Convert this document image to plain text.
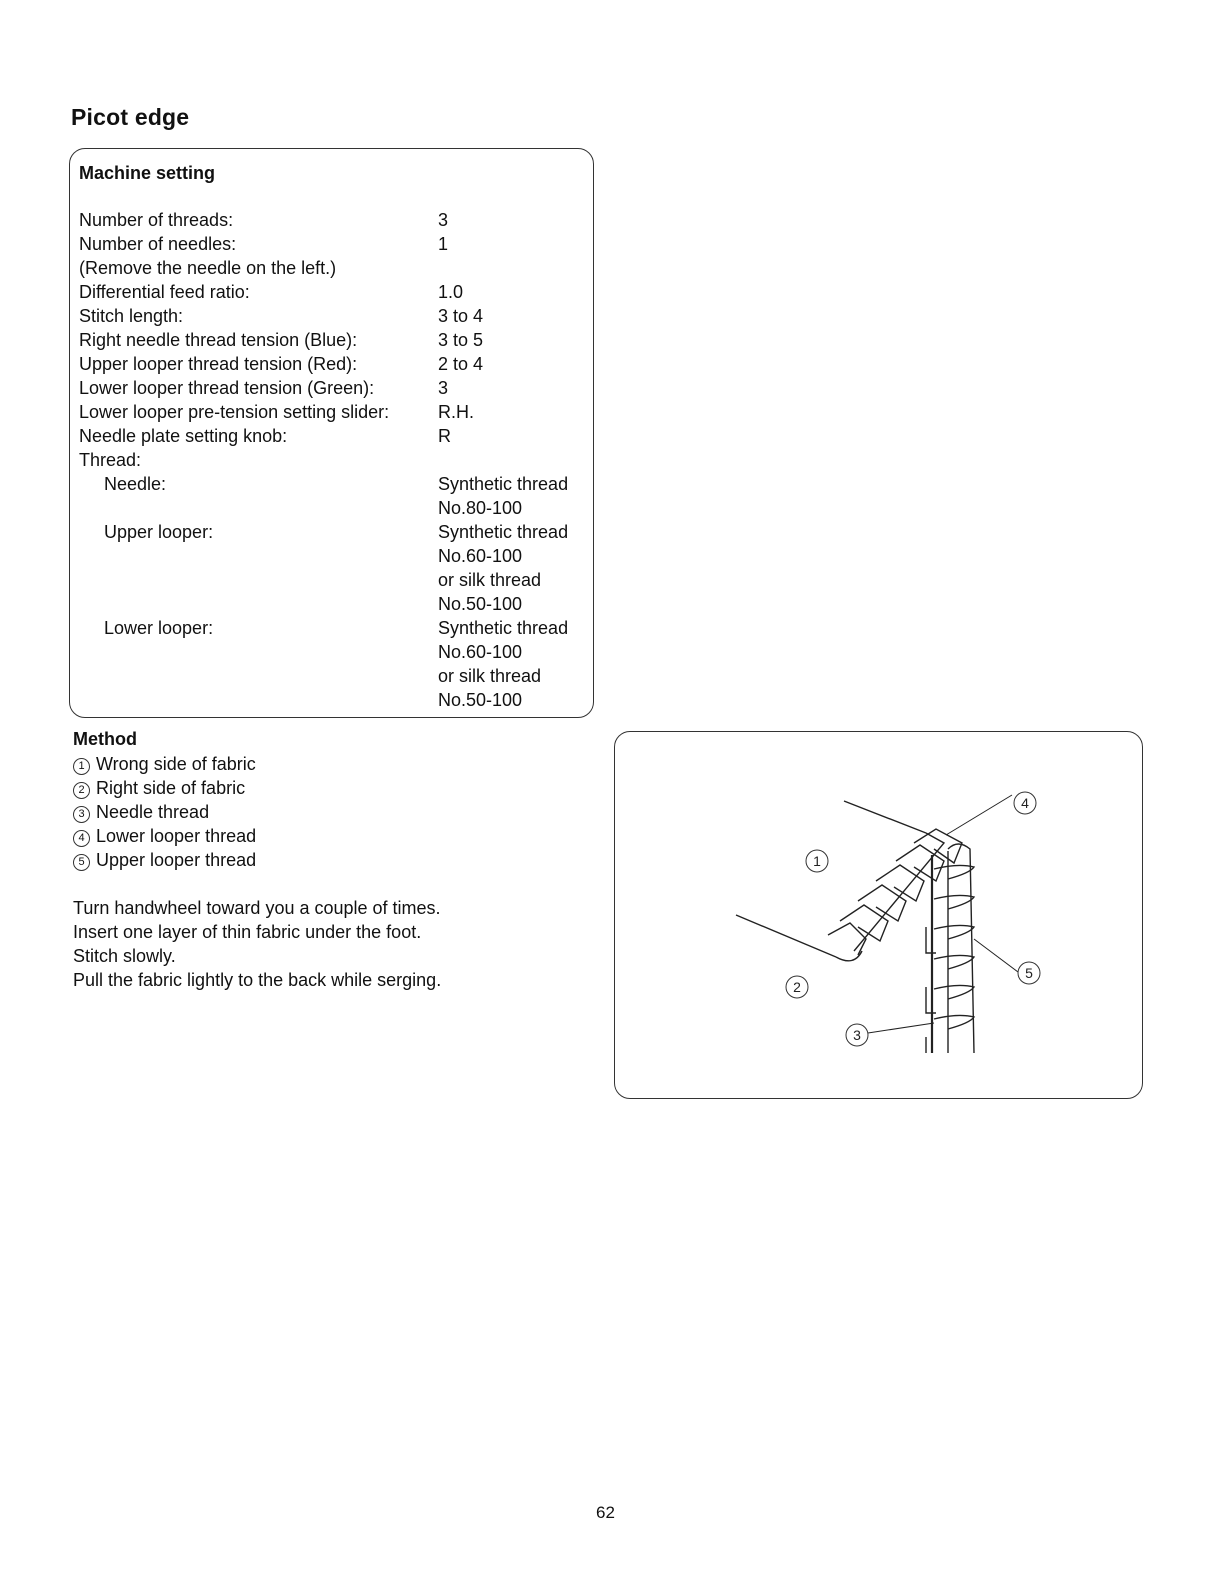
Picot edge
Machine setting
Number of threads:	3
Number of needles:	1
(Remove the needle on the left.)
Differential feed ratio:	1.0
Stitch length:	3 to 4
Right needle thread tension (Blue):	3 to 5
Upper looper thread tension (Red):	2 to 4
Lower looper thread tension (Green):	3
Lower looper pre-tension setting slider:	R.H.
Needle plate setting knob:	R
Thread:
Needle:	Synthetic thread
No.80-100
Upper looper:	Synthetic thread
No.60-100
or silk thread
No.50-100
Lower looper:	Synthetic thread
No.60-100
or silk thread
No.50-100
Method
1 Wrong side of fabric
2 Right side of fabric
3 Needle thread
4 Lower looper thread
5 Upper looper thread
Turn handwheel toward you a couple of times.
Insert one layer of thin fabric under the foot.
Stitch slowly.
Pull the fabric lightly to the back while serging.
1
2
3
4
5
62
